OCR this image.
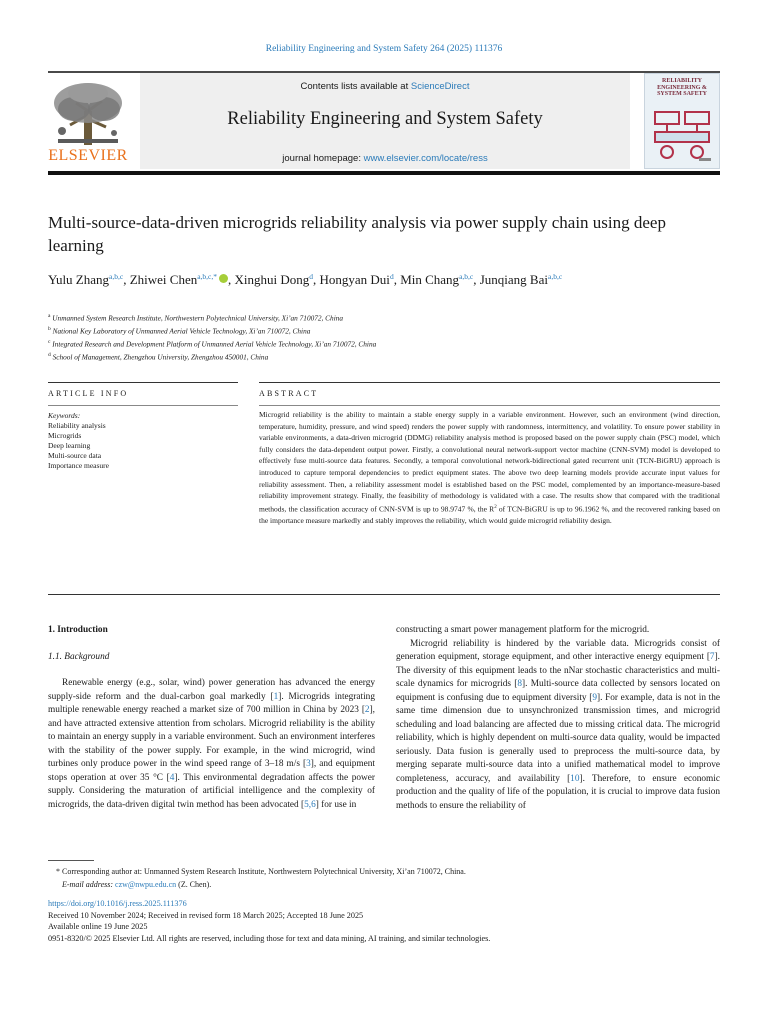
Reliability Engineering and System Safety 264 (2025) 111376
ELSEVIER
Contents lists available at ScienceDirect
Reliability Engineering and System Safety
journal homepage: www.elsevier.com/locate/ress
RELIABILITY ENGINEERING & SYSTEM SAFETY
Multi-source-data-driven microgrids reliability analysis via power supply chain using deep learning
Yulu Zhang$^{a,b,c}$, Zhiwei Chen$^{a,b,c,*}$ , Xinghui Dong$^d$, Hongyan Dui$^d$, Min Chang$^{a,b,c}$, Junqiang Bai$^{a,b,c}$
$^a$ Unmanned System Research Institute, Northwestern Polytechnical University, Xi’an 710072, China
$^b$ National Key Laboratory of Unmanned Aerial Vehicle Technology, Xi’an 710072, China
$^c$ Integrated Research and Development Platform of Unmanned Aerial Vehicle Technology, Xi’an 710072, China
$^d$ School of Management, Zhengzhou University, Zhengzhou 450001, China
ARTICLE INFO	ABSTRACT
Keywords:
Reliability analysis
Microgrids
Deep learning
Multi-source data
Importance measure
Microgrid reliability is the ability to maintain a stable energy supply in a variable environment. However, such an environment (wind direction, temperature, humidity, pressure, and wind speed) renders the power supply with randomness, intermittency, and volatility. To ensure power stability in variable environments, a data-driven microgrid (DDMG) reliability analysis method is proposed based on the power supply chain (PSC) model, which fully considers the data-dependent output power. Firstly, a convolutional neural network-support vector machine (CNN-SVM) model is developed to effectively fuse multi-source data features. Secondly, a temporal convolutional network-bidirectional gated recurrent unit (TCN-BiGRU) approach is introduced to capture temporal dependencies to predict equipment states. The above two deep learning models provide accurate input values for reliability assessment. Then, a reliability assessment model is established based on the PSC model, complemented by an importance-measure-based reliability improvement strategy. Finally, the feasibility of methodology is validated with a case. The results show that compared with the traditional methods, the classification accuracy of CNN-SVM is up to 98.9747 %, the $R^2$ of TCN-BiGRU is up to 96.1962 %, and the recovered ranking based on the importance measure markedly and stably improves the reliability, which would guide microgrid reliability design.
1. Introduction
1.1. Background
Renewable energy (e.g., solar, wind) power generation has advanced the energy supply-side reform and the dual-carbon goal markedly [1]. Microgrids integrating multiple renewable energy reached a market size of 700 million in China by 2023 [2], and have attracted extensive attention from scholars. Microgrid reliability is the ability to maintain an energy supply in a variable environment. Such an environment interferes with the stability of the power supply. For example, in the wind microgrid, wind turbines only produce power in the wind speed range of 3–18 m/s [3], and equipment stops operation at over 35 °C [4]. This environmental degradation affects the power supply. Considering the maturation of artificial intelligence and the complexity of microgrids, the data-driven digital twin method has been advocated [5,6] for use in
constructing a smart power management platform for the microgrid.
Microgrid reliability is hindered by the variable data. Microgrids consist of generation equipment, storage equipment, and other interactive energy equipment [7]. The diversity of this equipment leads to the nNar stochastic characteristics and multi-scale dynamics for microgrids [8]. Multi-source data collected by sensors located on equipment is confusing due to equipment diversity [9]. For example, data is not in the same time dimension due to unsynchronized transmission times, and microgrid scheduling and load balancing are affected due to missing critical data. The microgrid reliability, which is highly dependent on multi-source data quality, would be impacted seriously. Data fusion is generally used to preprocess the multi-source data, by merging separate multi-source data into a unified mathematical model to improve completeness, accuracy, and availability [10]. Therefore, to ensure economic production and the quality of life of the population, it is crucial to improve data fusion methods to ensure the reliability of
* Corresponding author at: Unmanned System Research Institute, Northwestern Polytechnical University, Xi’an 710072, China.
E-mail address: czw@nwpu.edu.cn (Z. Chen).
https://doi.org/10.1016/j.ress.2025.111376
Received 10 November 2024; Received in revised form 18 March 2025; Accepted 18 June 2025
Available online 19 June 2025
0951-8320/© 2025 Elsevier Ltd. All rights are reserved, including those for text and data mining, AI training, and similar technologies.
